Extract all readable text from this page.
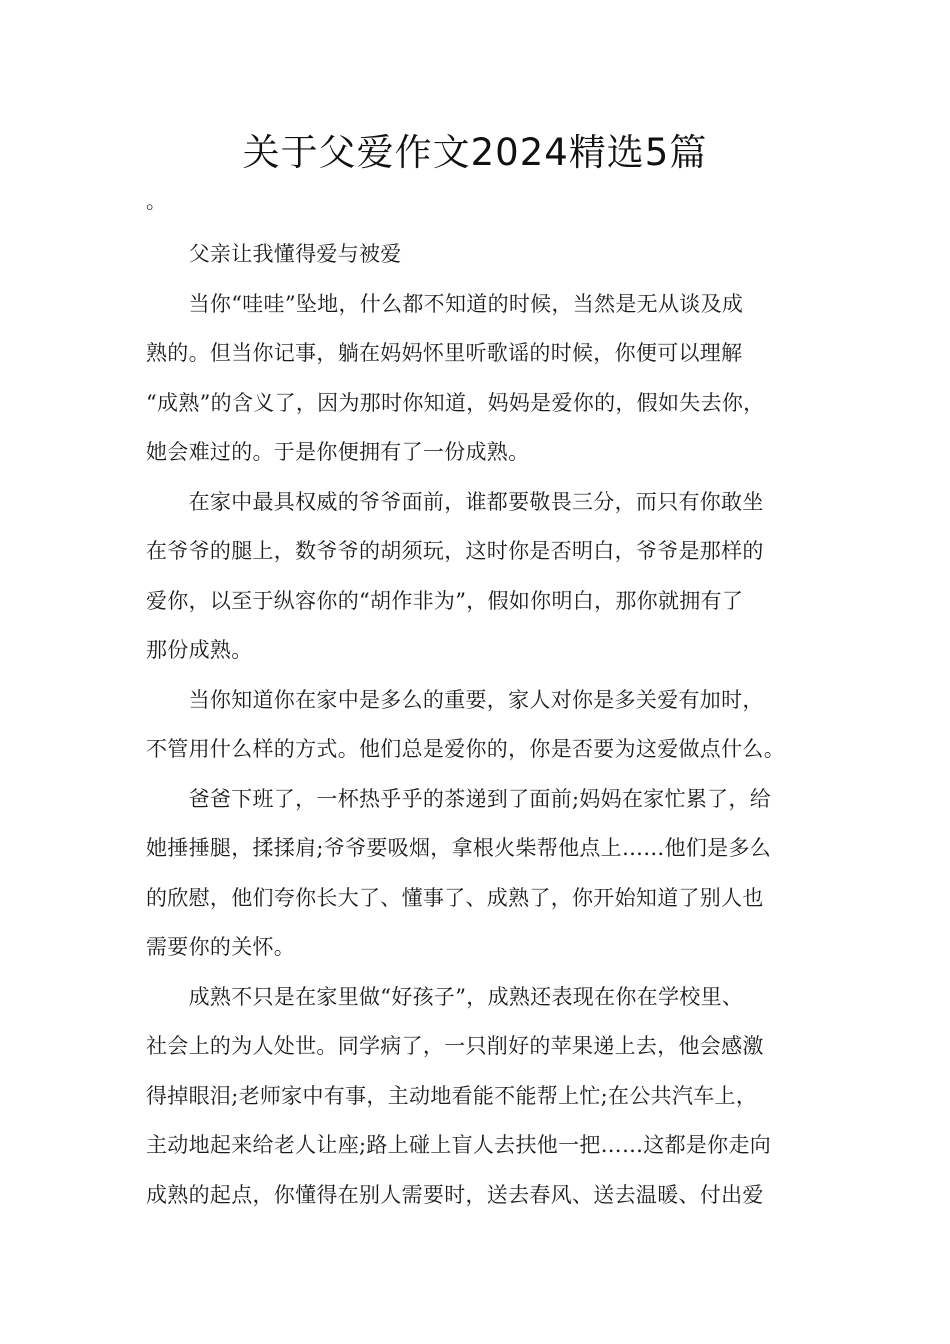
关于父爱作文2024精选5篇
。
　　父亲让我懂得爱与被爱
　　当你“哇哇”坠地，什么都不知道的时候，当然是无从谈及成
熟的。但当你记事，躺在妈妈怀里听歌谣的时候，你便可以理解
“成熟”的含义了，因为那时你知道，妈妈是爱你的，假如失去你，
她会难过的。于是你便拥有了一份成熟。
　　在家中最具权威的爷爷面前，谁都要敬畏三分，而只有你敢坐
在爷爷的腿上，数爷爷的胡须玩，这时你是否明白，爷爷是那样的
爱你，以至于纵容你的“胡作非为”，假如你明白，那你就拥有了
那份成熟。
　　当你知道你在家中是多么的重要，家人对你是多关爱有加时，
不管用什么样的方式。他们总是爱你的，你是否要为这爱做点什么。
　　爸爸下班了，一杯热乎乎的茶递到了面前;妈妈在家忙累了，给
她捶捶腿，揉揉肩;爷爷要吸烟，拿根火柴帮他点上……他们是多么
的欣慰，他们夸你长大了、懂事了、成熟了，你开始知道了别人也
需要你的关怀。
　　成熟不只是在家里做“好孩子”，成熟还表现在你在学校里、
社会上的为人处世。同学病了，一只削好的苹果递上去，他会感激
得掉眼泪;老师家中有事，主动地看能不能帮上忙;在公共汽车上，
主动地起来给老人让座;路上碰上盲人去扶他一把……这都是你走向
成熟的起点，你懂得在别人需要时，送去春风、送去温暖、付出爱
